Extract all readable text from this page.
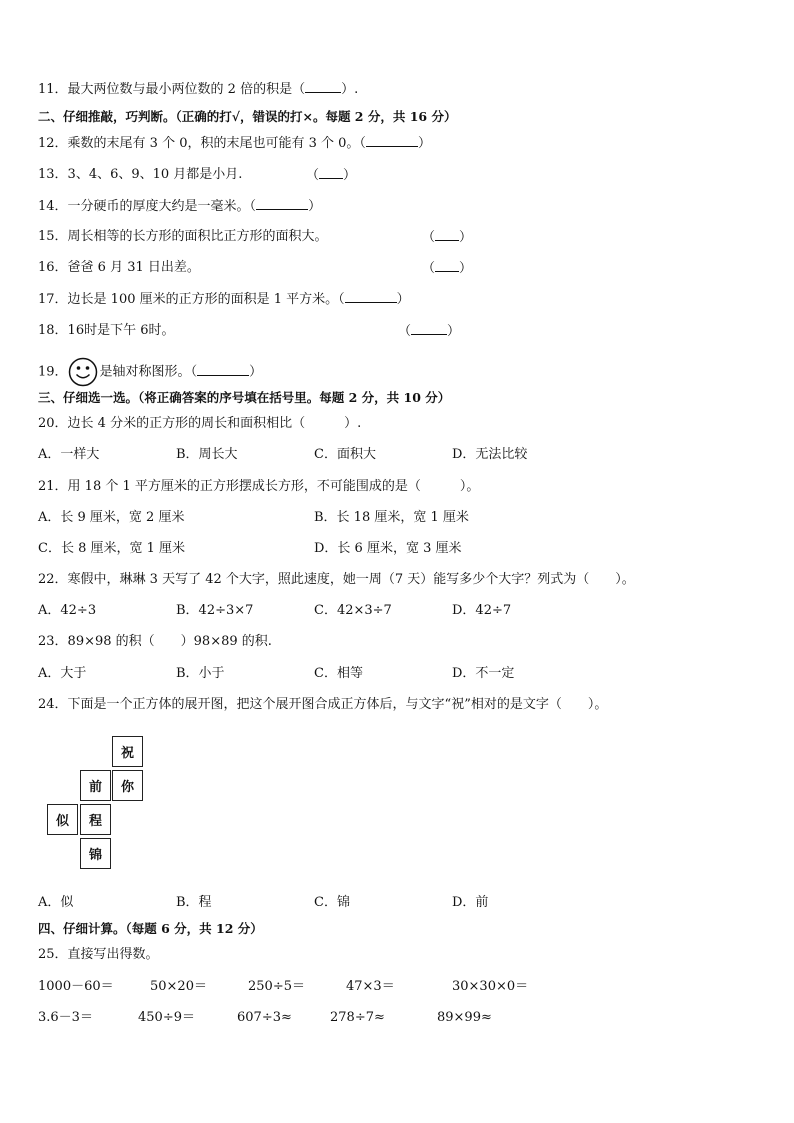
11．最大两位数与最小两位数的 2 倍的积是（	）.
二、仔细推敲，巧判断。（正确的打√，错误的打×。每题 2 分，共 16 分）
12．乘数的末尾有 3 个 0，积的末尾也可能有 3 个 0。（	）
13．3、4、6、9、10 月都是小月.	（ ）
14．一分硬币的厚度大约是一毫米。（	）
15．周长相等的长方形的面积比正方形的面积大。	（ ）
16．爸爸 6 月 31 日出差。	（ ）
17．边长是 100 厘米的正方形的面积是 1 平方米。（	）
18．16时是下午 6时。	（	）
19． 是轴对称图形。（	）
三、仔细选一选。（将正确答案的序号填在括号里。每题 2 分，共 10 分）
20．边长 4 分米的正方形的周长和面积相比（　　　）.
A．一样大	B．周长大	C．面积大	D．无法比较
21．用 18 个 1 平方厘米的正方形摆成长方形，不可能围成的是（　　　）。
A．长 9 厘米，宽 2 厘米	B．长 18 厘米，宽 1 厘米
C．长 8 厘米，宽 1 厘米	D．长 6 厘米，宽 3 厘米
22．寒假中，琳琳 3 天写了 42 个大字，照此速度，她一周（7 天）能写多少个大字？列式为（　　）。
A．42÷3	B．42÷3×7	C．42×3÷7	D．42÷7
23．89×98 的积（　　）98×89 的积.
A．大于	B．小于	C．相等	D．不一定
24．下面是一个正方体的展开图，把这个展开图合成正方体后，与文字“祝”相对的是文字（　　）。
祝
前	你
似	程
锦
A．似	B．程	C．锦	D．前
四、仔细计算。（每题 6 分，共 12 分）
25．直接写出得数。
1000－60＝	50×20＝	250÷5＝	47×3＝	30×30×0＝
3.6－3＝	450÷9＝	607÷3≈	278÷7≈	89×99≈
